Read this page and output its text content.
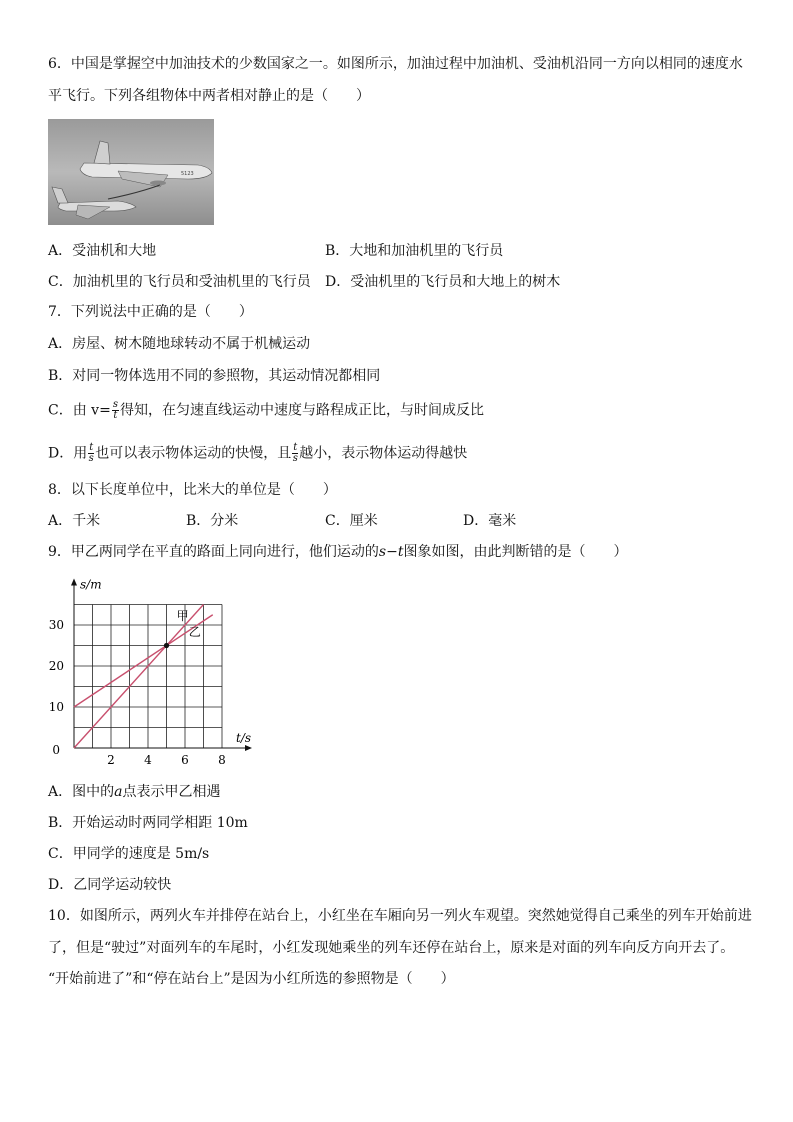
6．中国是掌握空中加油技术的少数国家之一。如图所示，加油过程中加油机、受油机沿同一方向以相同的速度水
平飞行。下列各组物体中两者相对静止的是（　　）
5123
A．受油机和大地	B．大地和加油机里的飞行员
C．加油机里的飞行员和受油机里的飞行员 D．受油机里的飞行员和大地上的树木
7．下列说法中正确的是（　　）
A．房屋、树木随地球转动不属于机械运动
B．对同一物体选用不同的参照物，其运动情况都相同
C．由 $v= \frac{s}{t}$ 得知，在匀速直线运动中速度与路程成正比，与时间成反比
D．用 $\frac{t}{s}$ 也可以表示物体运动的快慢，且 $\frac{t}{s}$ 越小，表示物体运动得越快
8．以下长度单位中，比米大的单位是（　　）
A．千米	B．分米	C．厘米	D．毫米
9．甲乙两同学在平直的路面上同向进行，他们运动的s−t图象如图，由此判断错的是（　　）
t/s
s/m
2 4 6 8
10
20
30
0
甲
乙
A．图中的a点表示甲乙相遇
B．开始运动时两同学相距 10m
C．甲同学的速度是 5m/s
D．乙同学运动较快
10．如图所示，两列火车并排停在站台上，小红坐在车厢向另一列火车观望。突然她觉得自己乘坐的列车开始前进
了，但是“驶过”对面列车的车尾时，小红发现她乘坐的列车还停在站台上，原来是对面的列车向反方向开去了。
“开始前进了”和“停在站台上”是因为小红所选的参照物是（　　）
